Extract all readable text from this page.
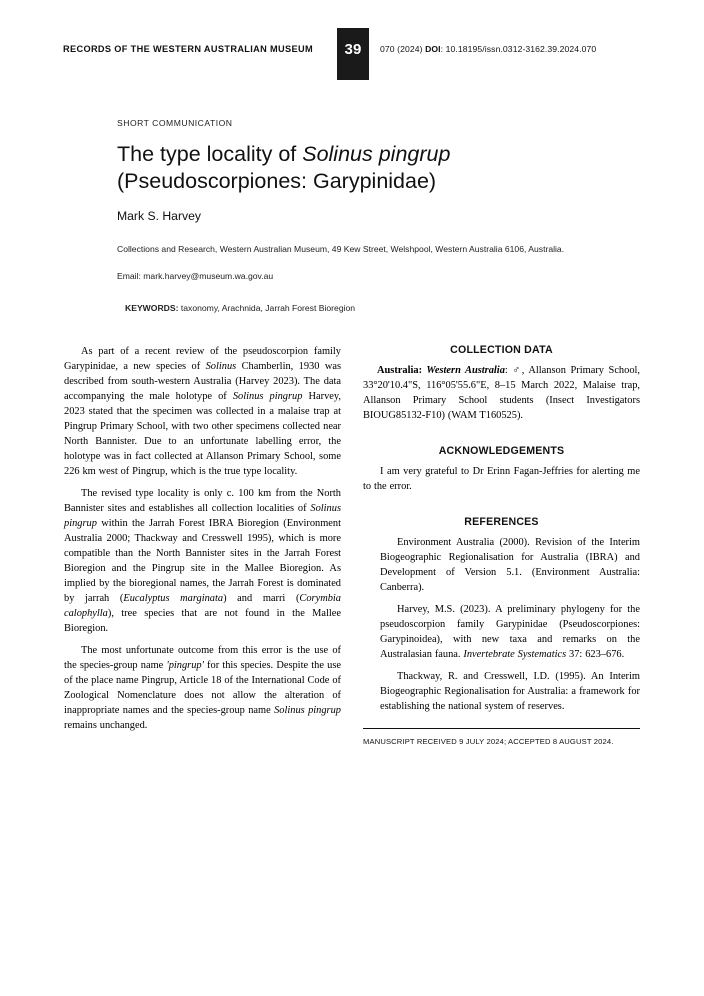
RECORDS OF THE WESTERN AUSTRALIAN MUSEUM	39	070 (2024) DOI: 10.18195/issn.0312-3162.39.2024.070
SHORT COMMUNICATION
The type locality of Solinus pingrup
(Pseudoscorpiones: Garypinidae)
Mark S. Harvey
Collections and Research, Western Australian Museum, 49 Kew Street, Welshpool, Western Australia 6106, Australia.
Email: mark.harvey@museum.wa.gov.au
KEYWORDS: taxonomy, Arachnida, Jarrah Forest Bioregion

As part of a recent review of the pseudoscorpion family Garypinidae, a new species of Solinus Chamberlin, 1930 was described from south-western Australia (Harvey 2023). The data accompanying the male holotype of Solinus pingrup Harvey, 2023 stated that the specimen was collected in a malaise trap at Pingrup Primary School, with two other specimens collected near North Bannister. Due to an unfortunate labelling error, the holotype was in fact collected at Allanson Primary School, some 226 km west of Pingrup, which is the true type locality.

The revised type locality is only c. 100 km from the North Bannister sites and establishes all collection localities of Solinus pingrup within the Jarrah Forest IBRA Bioregion (Environment Australia 2000; Thackway and Cresswell 1995), which is more compatible than the North Bannister sites in the Jarrah Forest Bioregion and the Pingrup site in the Mallee Bioregion. As implied by the bioregional names, the Jarrah Forest is dominated by jarrah (Eucalyptus marginata) and marri (Corymbia calophylla), tree species that are not found in the Mallee Bioregion.

The most unfortunate outcome from this error is the use of the species-group name 'pingrup' for this species. Despite the use of the place name Pingrup, Article 18 of the International Code of Zoological Nomenclature does not allow the alteration of inappropriate names and the species-group name Solinus pingrup remains unchanged.

COLLECTION DATA

Australia: Western Australia: ♂, Allanson Primary School, 33°20'10.4"S, 116°05'55.6"E, 8–15 March 2022, Malaise trap, Allanson Primary School students (Insect Investigators BIOUG85132-F10) (WAM T160525).

ACKNOWLEDGEMENTS

I am very grateful to Dr Erinn Fagan-Jeffries for alerting me to the error.

REFERENCES

Environment Australia (2000). Revision of the Interim Biogeographic Regionalisation for Australia (IBRA) and Development of Version 5.1. (Environment Australia: Canberra).

Harvey, M.S. (2023). A preliminary phylogeny for the pseudoscorpion family Garypinidae (Pseudoscorpiones: Garypinoidea), with new taxa and remarks on the Australasian fauna. Invertebrate Systematics 37: 623–676.

Thackway, R. and Cresswell, I.D. (1995). An Interim Biogeographic Regionalisation for Australia: a framework for establishing the national system of reserves.

MANUSCRIPT RECEIVED 9 JULY 2024; ACCEPTED 8 AUGUST 2024.
